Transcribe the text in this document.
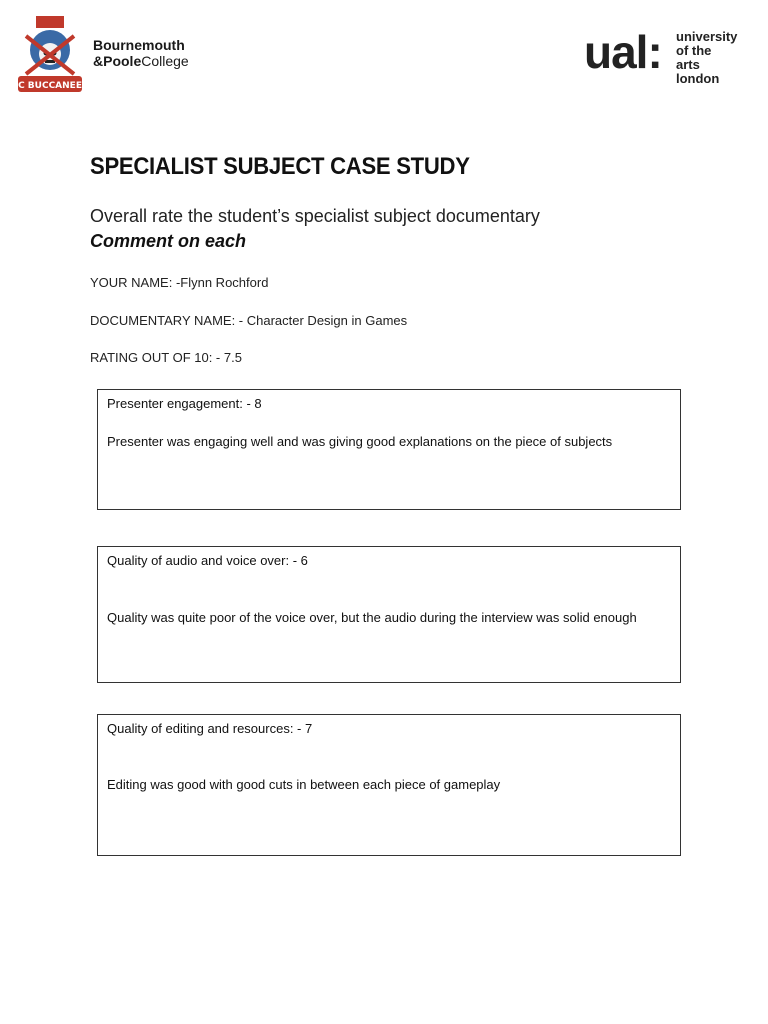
BPC BUCCANEERS
Bournemouth
&PooleCollege	ual: university
of the arts
london
SPECIALIST SUBJECT CASE STUDY
Overall rate the student’s specialist subject documentary
Comment on each
YOUR NAME: -Flynn Rochford
DOCUMENTARY NAME: - Character Design in Games
RATING OUT OF 10: - 7.5
Presenter engagement: - 8
Presenter was engaging well and was giving good explanations on the piece of subjects
Quality of audio and voice over: - 6
Quality was quite poor of the voice over, but the audio during the interview was solid enough
Quality of editing and resources: - 7
Editing was good with good cuts in between each piece of gameplay
